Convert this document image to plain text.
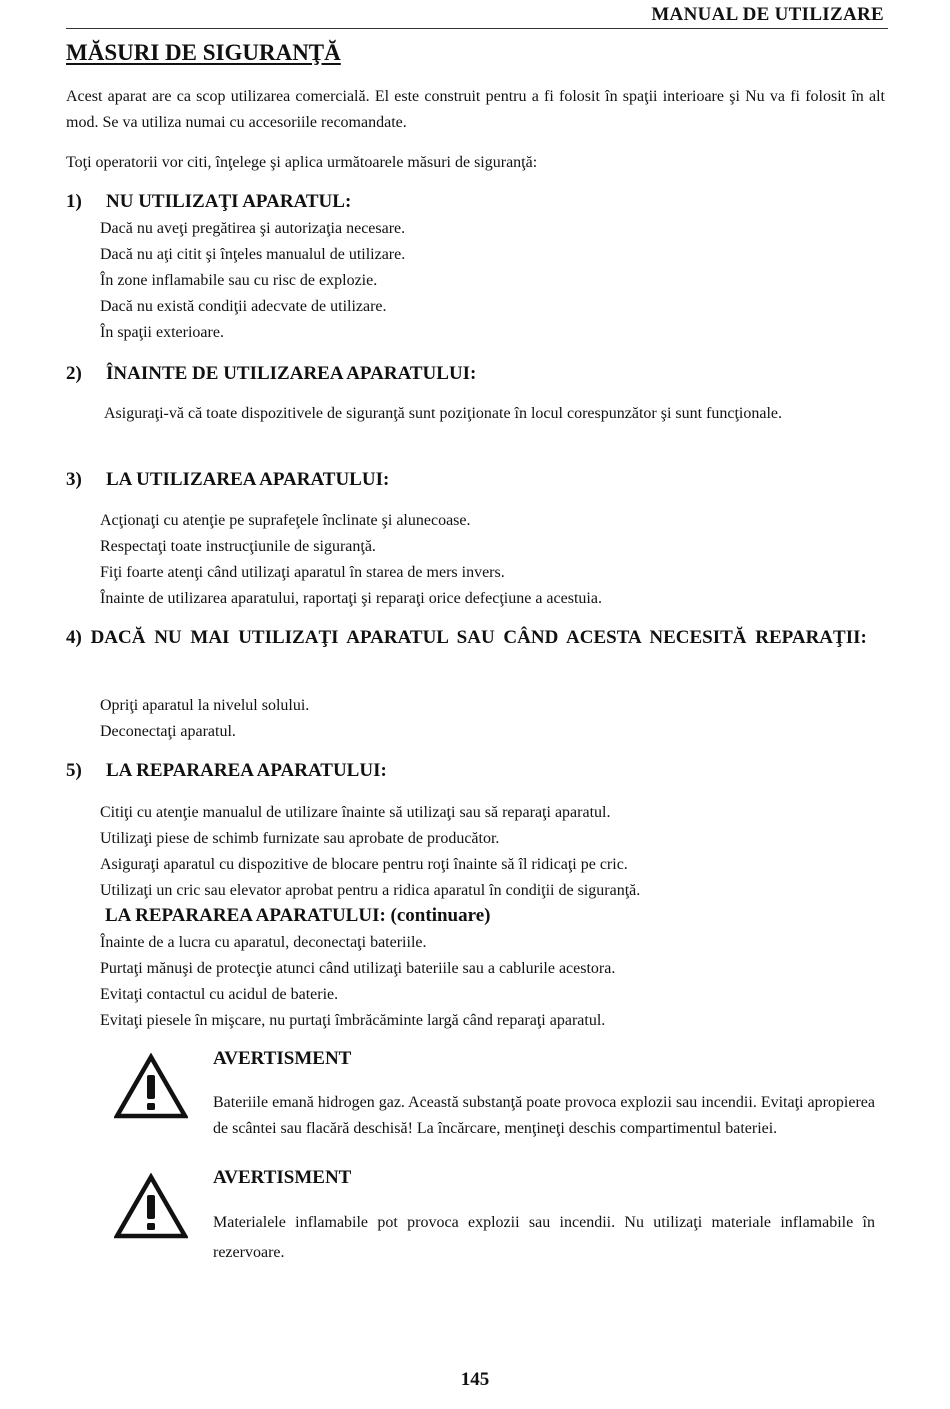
MANUAL DE UTILIZARE
MĂSURI DE SIGURANŢĂ
Acest aparat are ca scop utilizarea comercială. El este construit pentru a fi folosit în spaţii interioare şi Nu va fi folosit în alt mod. Se va utiliza numai cu accesoriile recomandate.
Toţi operatorii vor citi, înţelege şi aplica următoarele măsuri de siguranţă:
1) NU UTILIZAŢI APARATUL:
Dacă nu aveţi pregătirea şi autorizaţia necesare.
Dacă nu aţi citit şi înţeles manualul de utilizare.
În zone inflamabile sau cu risc de explozie.
Dacă nu există condiţii adecvate de utilizare.
În spaţii exterioare.
2) ÎNAINTE DE UTILIZAREA APARATULUI:
Asiguraţi-vă că toate dispozitivele de siguranţă sunt poziţionate în locul corespunzător şi sunt funcţionale.
3) LA UTILIZAREA APARATULUI:
Acţionaţi cu atenţie pe suprafeţele înclinate şi alunecoase.
Respectaţi toate instrucţiunile de siguranţă.
Fiţi foarte atenţi când utilizaţi aparatul în starea de mers invers.
Înainte de utilizarea aparatului, raportaţi şi reparaţi orice defecţiune a acestuia.
4) DACĂ NU MAI UTILIZAŢI APARATUL SAU CÂND ACESTA NECESITĂ REPARAŢII:
Opriţi aparatul la nivelul solului.
Deconectaţi aparatul.
5) LA REPARAREA APARATULUI:
Citiţi cu atenţie manualul de utilizare înainte să utilizaţi sau să reparaţi aparatul.
Utilizaţi piese de schimb furnizate sau aprobate de producător.
Asiguraţi aparatul cu dispozitive de blocare pentru roţi înainte să îl ridicaţi pe cric.
Utilizaţi un cric sau elevator aprobat pentru a ridica aparatul în condiţii de siguranţă.
LA REPARAREA APARATULUI: (continuare)
Înainte de a lucra cu aparatul, deconectaţi bateriile.
Purtaţi mănuşi de protecţie atunci când utilizaţi bateriile sau a cablurile acestora.
Evitaţi contactul cu acidul de baterie.
Evitaţi piesele în mişcare, nu purtaţi îmbrăcăminte largă când reparaţi aparatul.
AVERTISMENT
Bateriile emană hidrogen gaz. Această substanţă poate provoca explozii sau incendii. Evitaţi apropierea de scântei sau flacără deschisă! La încărcare, menţineţi deschis compartimentul bateriei.
AVERTISMENT
Materialele inflamabile pot provoca explozii sau incendii. Nu utilizaţi materiale inflamabile în rezervoare.
145
